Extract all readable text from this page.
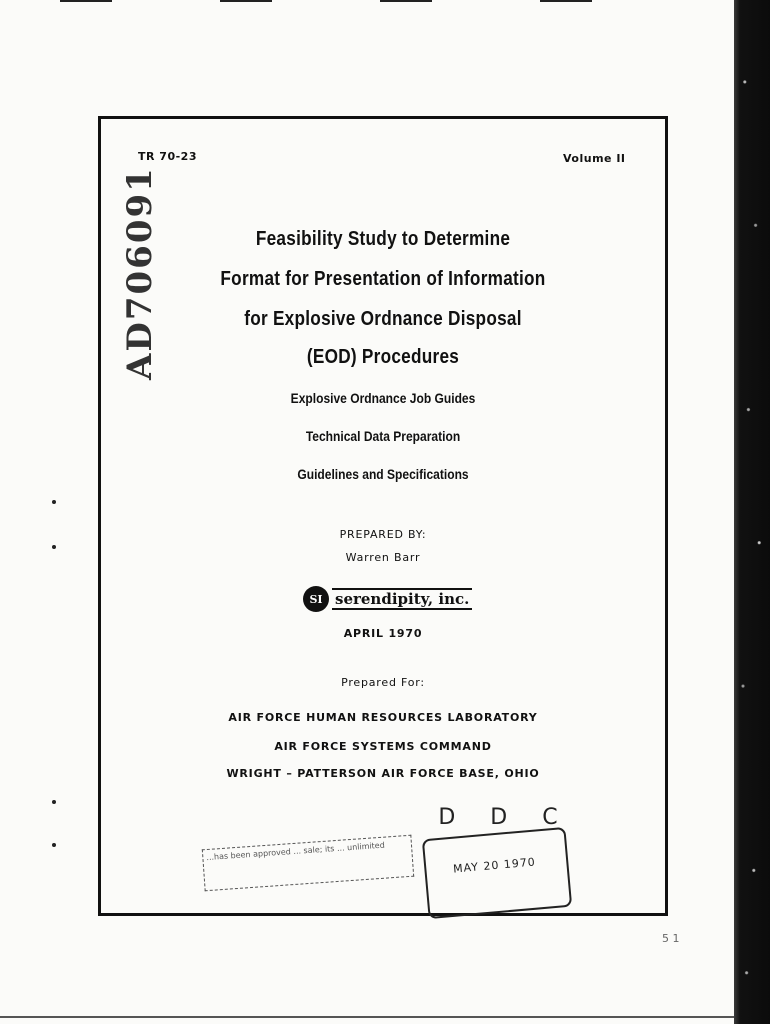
TR 70-23	Volume II
AD706091	Feasibility Study to Determine
Format for Presentation of Information
for Explosive Ordnance Disposal
(EOD) Procedures
Explosive Ordnance Job Guides
Technical Data Preparation
Guidelines and Specifications
PREPARED BY:
Warren Barr
SI serendipity, inc.
APRIL 1970
Prepared For:
AIR FORCE HUMAN RESOURCES LABORATORY
AIR FORCE SYSTEMS COMMAND
WRIGHT – PATTERSON AIR FORCE BASE, OHIO
...has been approved ... sale; its ... unlimited
D D C
MAY 20 1970
5 1
